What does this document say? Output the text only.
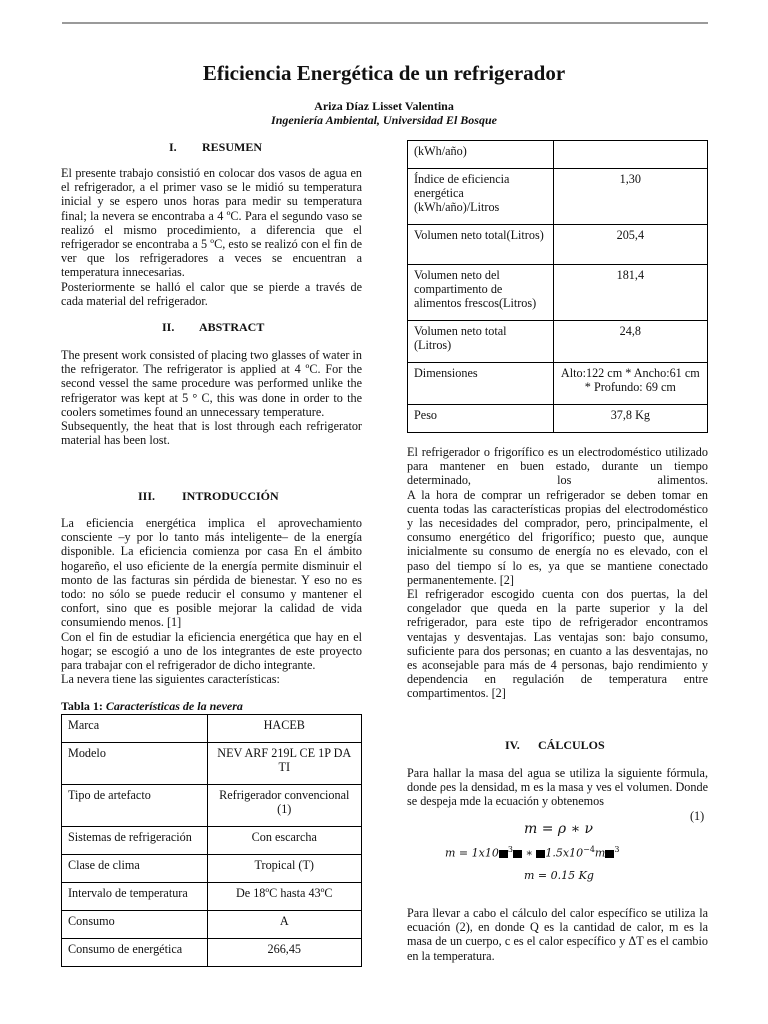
Eficiencia Energética de un refrigerador
Ariza Díaz Lisset Valentina
Ingeniería Ambiental, Universidad El Bosque
I. RESUMEN

El presente trabajo consistió en colocar dos vasos de agua en el refrigerador, a el primer vaso se le midió su temperatura inicial y se espero unos horas para medir su temperatura final; la nevera se encontraba a 4 ºC. Para el segundo vaso se realizó el mismo procedimiento, a diferencia que el refrigerador se encontraba a 5 ºC, esto se realizó con el fin de ver que los refrigeradores a veces se encuentran a temperatura innecesarias.

Posteriormente se halló el calor que se pierde a través de cada material del refrigerador.

II. ABSTRACT

The present work consisted of placing two glasses of water in the refrigerator. The refrigerator is applied at 4 ºC. For the second vessel the same procedure was performed unlike the refrigerator was kept at 5 ° C, this was done in order to the coolers sometimes found an unnecessary temperature.

Subsequently, the heat that is lost through each refrigerator material has been lost.

III. INTRODUCCIÓN

La eficiencia energética implica el aprovechamiento consciente –y por lo tanto más inteligente– de la energía disponible. La eficiencia comienza por casa En el ámbito hogareño, el uso eficiente de la energía permite disminuir el monto de las facturas sin pérdida de bienestar. Y eso no es todo: no sólo se puede reducir el consumo y mantener el confort, sino que es posible mejorar la calidad de vida consumiendo menos. [1]

Con el fin de estudiar la eficiencia energética que hay en el hogar; se escogió a uno de los integrantes de este proyecto para trabajar con el refrigerador de dicho integrante.

La nevera tiene las siguientes características:

Tabla 1: Características de la nevera
Marca	HACEB
Modelo	NEV ARF 219L CE 1P DA TI
Tipo de artefacto	Refrigerador convencional (1)
Sistemas de refrigeración	Con escarcha
Clase de clima	Tropical (T)
Intervalo de temperatura	De 18ºC hasta 43ºC
Consumo	A
Consumo de energética	266,45
(kWh/año)	
Índice de eficiencia energética (kWh/año)/Litros	1,30
Volumen neto total(Litros)	205,4
Volumen neto del compartimento de alimentos frescos(Litros)	181,4
Volumen neto total (Litros)	24,8
Dimensiones	Alto:122 cm * Ancho:61 cm * Profundo: 69 cm
Peso	37,8 Kg

El refrigerador o frigorífico es un electrodoméstico utilizado para mantener en buen estado, durante un tiempo determinado, los alimentos.

A la hora de comprar un refrigerador se deben tomar en cuenta todas las características propias del electrodoméstico y las necesidades del comprador, pero, principalmente, el consumo energético del frigorífico; puesto que, aunque inicialmente su consumo de energía no es elevado, con el paso del tiempo sí lo es, ya que se mantiene conectado permanentemente. [2]

El refrigerador escogido cuenta con dos puertas, la del congelador que queda en la parte superior y la del refrigerador, para este tipo de refrigerador encontramos ventajas y desventajas. Las ventajas son: bajo consumo, suficiente para dos personas; en cuanto a las desventajas, no es aconsejable para más de 4 personas, bajo rendimiento y dependencia en regulación de temperatura entre compartimentos. [2]

IV. CÁLCULOS

Para hallar la masa del agua se utiliza la siguiente fórmula, donde ρes la densidad, m es la masa y νes el volumen. Donde se despeja mde la ecuación y obtenemos

(1)
m = ρ ∗ ν
m = 1x10 $^3$ ∗ $1.5x10^{-4}m$ $^3$
m = 0.15 Kg

Para llevar a cabo el cálculo del calor específico se utiliza la ecuación (2), en donde Q es la cantidad de calor, m es la masa de un cuerpo, c es el calor específico y ΔT es el cambio en la temperatura.
